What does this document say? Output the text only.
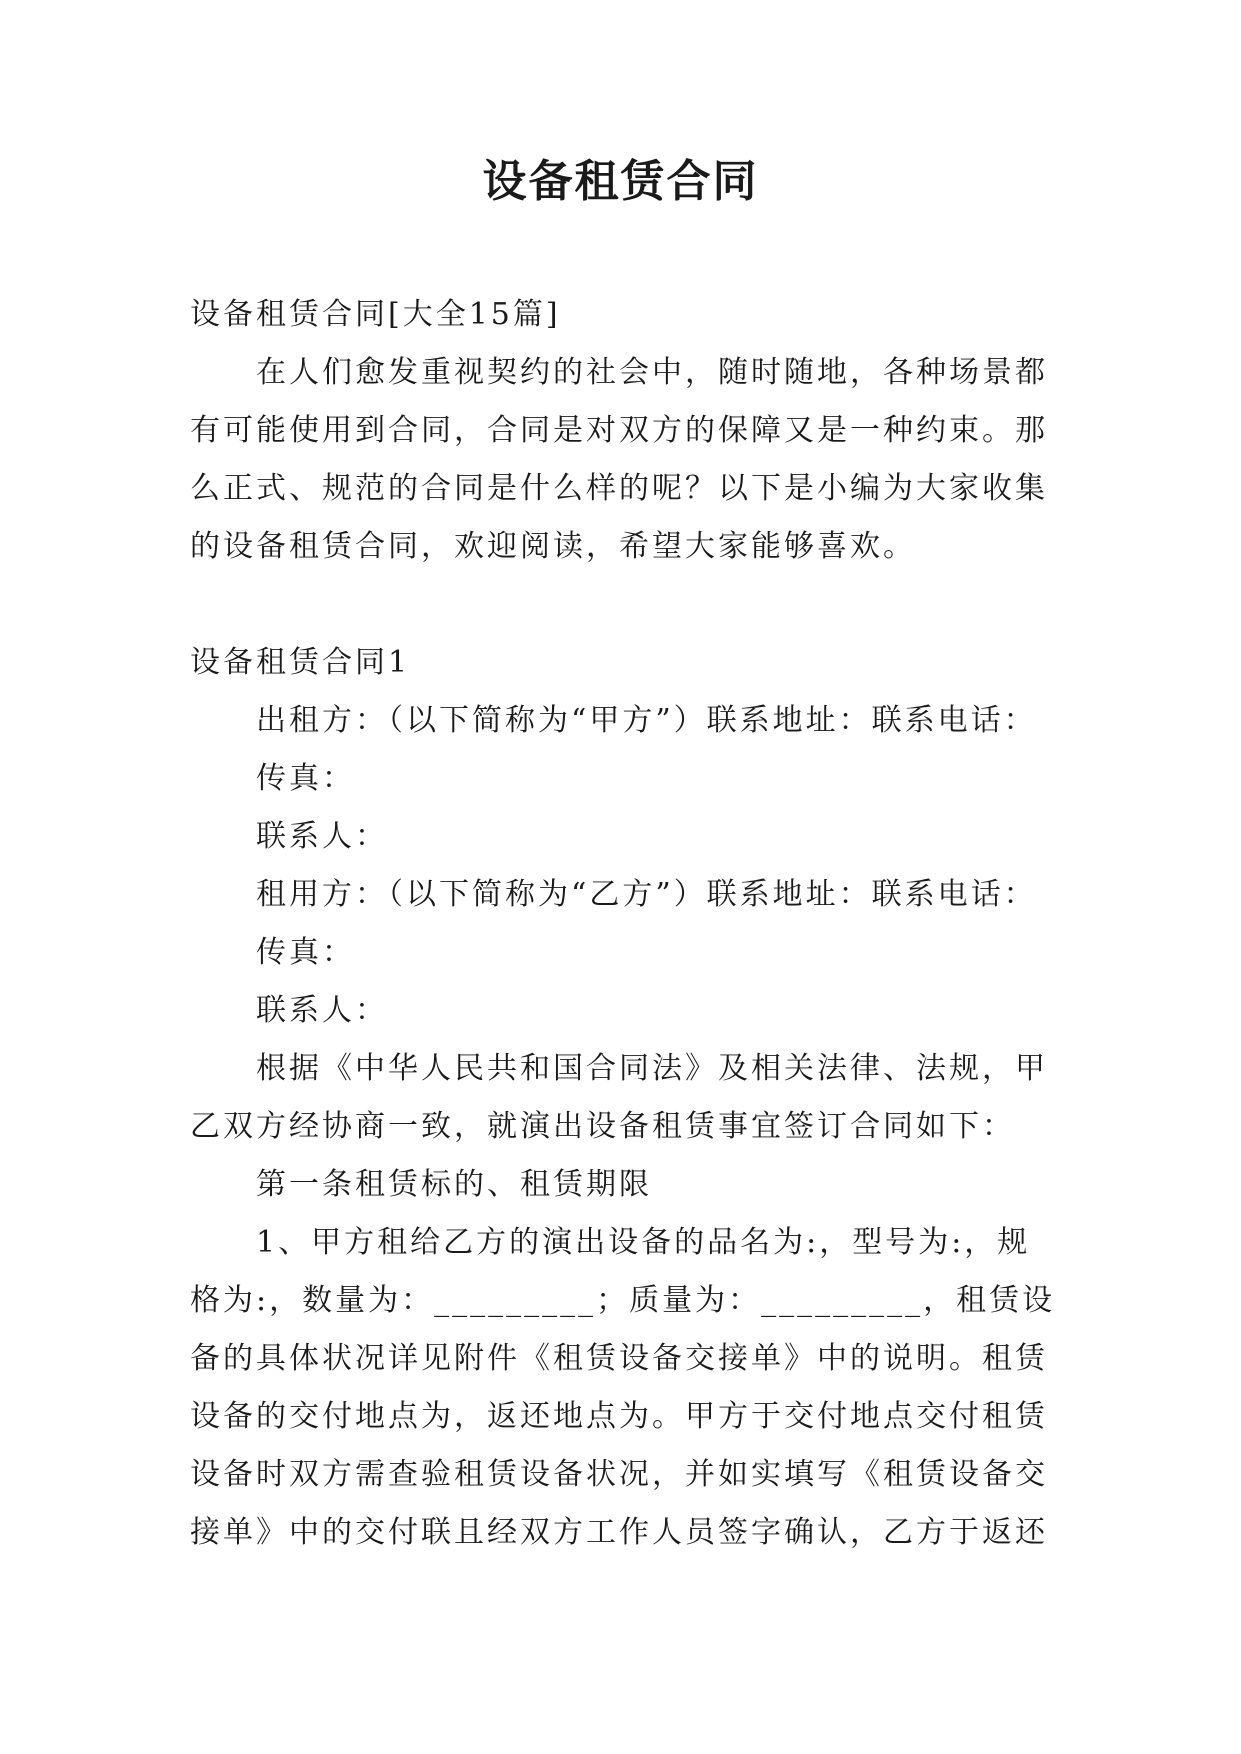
设备租赁合同
设备租赁合同[大全15篇]
在人们愈发重视契约的社会中，随时随地，各种场景都
有可能使用到合同，合同是对双方的保障又是一种约束。那
么正式、规范的合同是什么样的呢？以下是小编为大家收集
的设备租赁合同，欢迎阅读，希望大家能够喜欢。
设备租赁合同1
出租方：（以下简称为“甲方”）联系地址：联系电话：
传真：
联系人：
租用方：（以下简称为“乙方”）联系地址：联系电话：
传真：
联系人：
根据《中华人民共和国合同法》及相关法律、法规，甲
乙双方经协商一致，就演出设备租赁事宜签订合同如下：
第一条租赁标的、租赁期限
1、甲方租给乙方的演出设备的品名为:，型号为:，规
格为:，数量为：_________；质量为：_________，租赁设
备的具体状况详见附件《租赁设备交接单》中的说明。租赁
设备的交付地点为，返还地点为。甲方于交付地点交付租赁
设备时双方需查验租赁设备状况，并如实填写《租赁设备交
接单》中的交付联且经双方工作人员签字确认，乙方于返还
